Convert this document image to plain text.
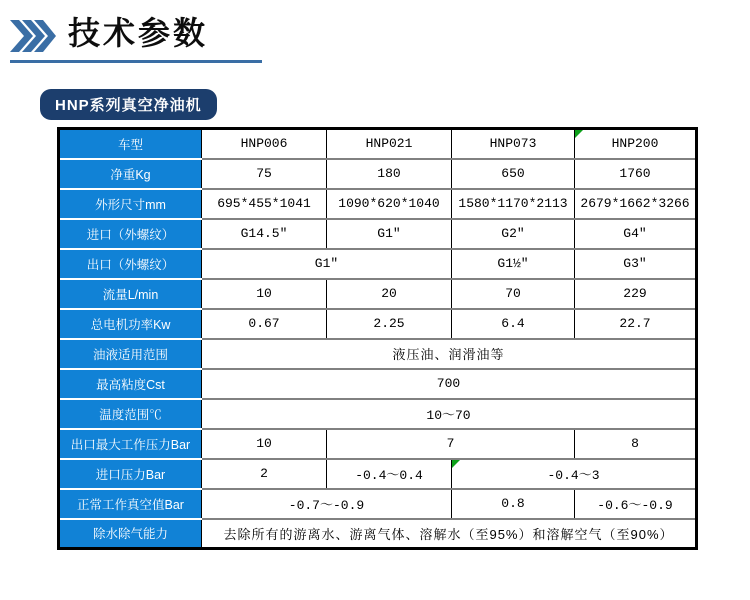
技术参数
HNP系列真空净油机
车型	HNP006	HNP021	HNP073	HNP200

净重Kg	75	180	650	1760
外形尺寸mm	695*455*1041	1090*620*1040	1580*1170*2113	2679*1662*3266
进口（外螺纹）	G14.5″	G1″	G2″	G4″
出口（外螺纹）	G1″		G1½″	G3″
流量L/min	10	20	70	229
总电机功率Kw	0.67	2.25	6.4	22.7
油液适用范围	液压油、润滑油等			
最高粘度Cst	700			
温度范围℃	10～70			
出口最大工作压力Bar	10	7		8
进口压力Bar	2	-0.4～0.4	-0.4～3	

正常工作真空值Bar	-0.7～-0.9		0.8	-0.6～-0.9
除水除气能力	去除所有的游离水、游离气体、溶解水（至95%）和溶解空气（至90%）			
